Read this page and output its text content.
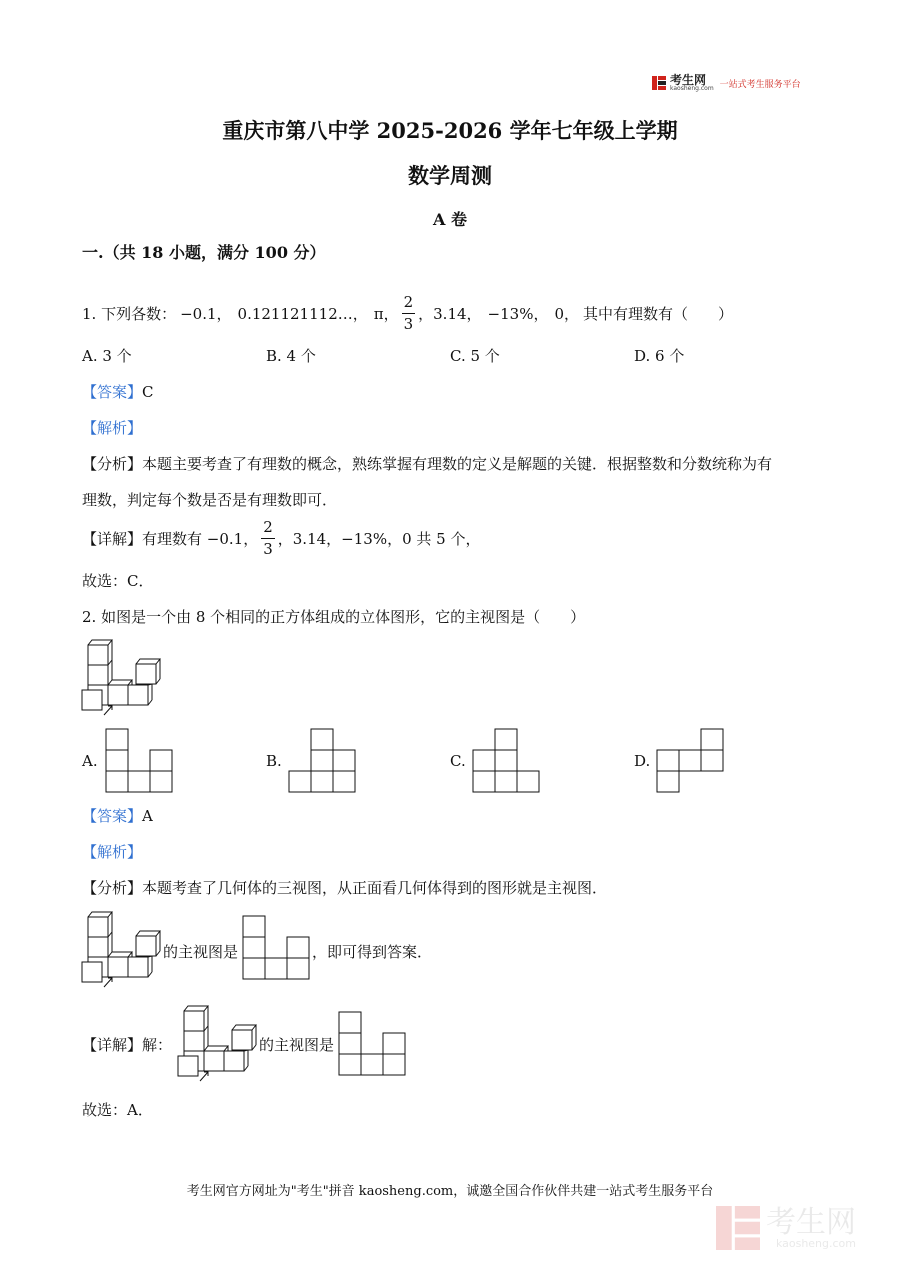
考生网
kaosheng.com 一站式考生服务平台
重庆市第八中学 2025-2026 学年七年级上学期
数学周测
A 卷
一.（共 18 小题，满分 100 分）
1. 下列各数： −0.1， 0.121121112…， π， $\frac{2}{3}$ ，3.14， −13%， 0， 其中有理数有（　　）
A. 3 个	B. 4 个	C. 5 个	D. 6 个
【答案】C
【解析】
【分析】本题主要考查了有理数的概念，熟练掌握有理数的定义是解题的关键．根据整数和分数统称为有
理数，判定每个数是否是有理数即可．
【详解】 有理数有 −0.1， $\frac{2}{3}$ ，3.14，−13%，0 共 5 个，
故选：C．
2. 如图是一个由 8 个相同的正方体组成的立体图形，它的主视图是（　　）
A.	B.	C.	D.
【答案】A
【解析】
【分析】本题考查了几何体的三视图，从正面看几何体得到的图形就是主视图．
的主视图是	，即可得到答案．
【详解】解：	的主视图是
故选：A．
考生网官方网址为"考生"拼音 kaosheng.com，诚邀全国合作伙伴共建一站式考生服务平台
考生网
kaosheng.com
